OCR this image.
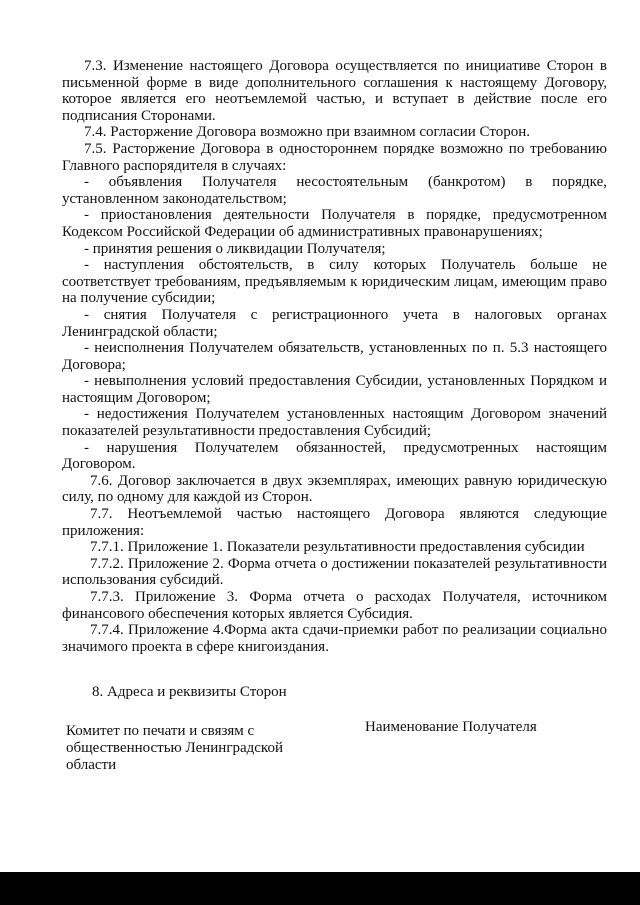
7.3. Изменение настоящего Договора осуществляется по инициативе Сторон в письменной форме в виде дополнительного соглашения к настоящему Договору, которое является его неотъемлемой частью, и вступает в действие после его подписания Сторонами.

7.4. Расторжение Договора возможно при взаимном согласии Сторон.

7.5. Расторжение Договора в одностороннем порядке возможно по требованию Главного распорядителя в случаях:

- объявления Получателя несостоятельным (банкротом) в порядке, установленном законодательством;

- приостановления деятельности Получателя в порядке, предусмотренном Кодексом Российской Федерации об административных правонарушениях;

- принятия решения о ликвидации Получателя;

- наступления обстоятельств, в силу которых Получатель больше не соответствует требованиям, предъявляемым к юридическим лицам, имеющим право на получение субсидии;

- снятия Получателя с регистрационного учета в налоговых органах Ленинградской области;

- неисполнения Получателем обязательств, установленных по п. 5.3 настоящего Договора;

- невыполнения условий предоставления Субсидии, установленных Порядком и настоящим Договором;

- недостижения Получателем установленных настоящим Договором значений показателей результативности предоставления Субсидий;

- нарушения Получателем обязанностей, предусмотренных настоящим Договором.

7.6. Договор заключается в двух экземплярах, имеющих равную юридическую силу, по одному для каждой из Сторон.

7.7. Неотъемлемой частью настоящего Договора являются следующие приложения:

7.7.1. Приложение 1. Показатели результативности предоставления субсидии

7.7.2. Приложение 2. Форма отчета о достижении показателей результативности использования субсидий.

7.7.3. Приложение 3. Форма отчета о расходах Получателя, источником финансового обеспечения которых является Субсидия.

7.7.4. Приложение 4.Форма акта сдачи-приемки работ по реализации социально значимого проекта в сфере книгоиздания.

8. Адреса и реквизиты Сторон
Комитет по печати и связям с общественностью Ленинградской области
Наименование Получателя
